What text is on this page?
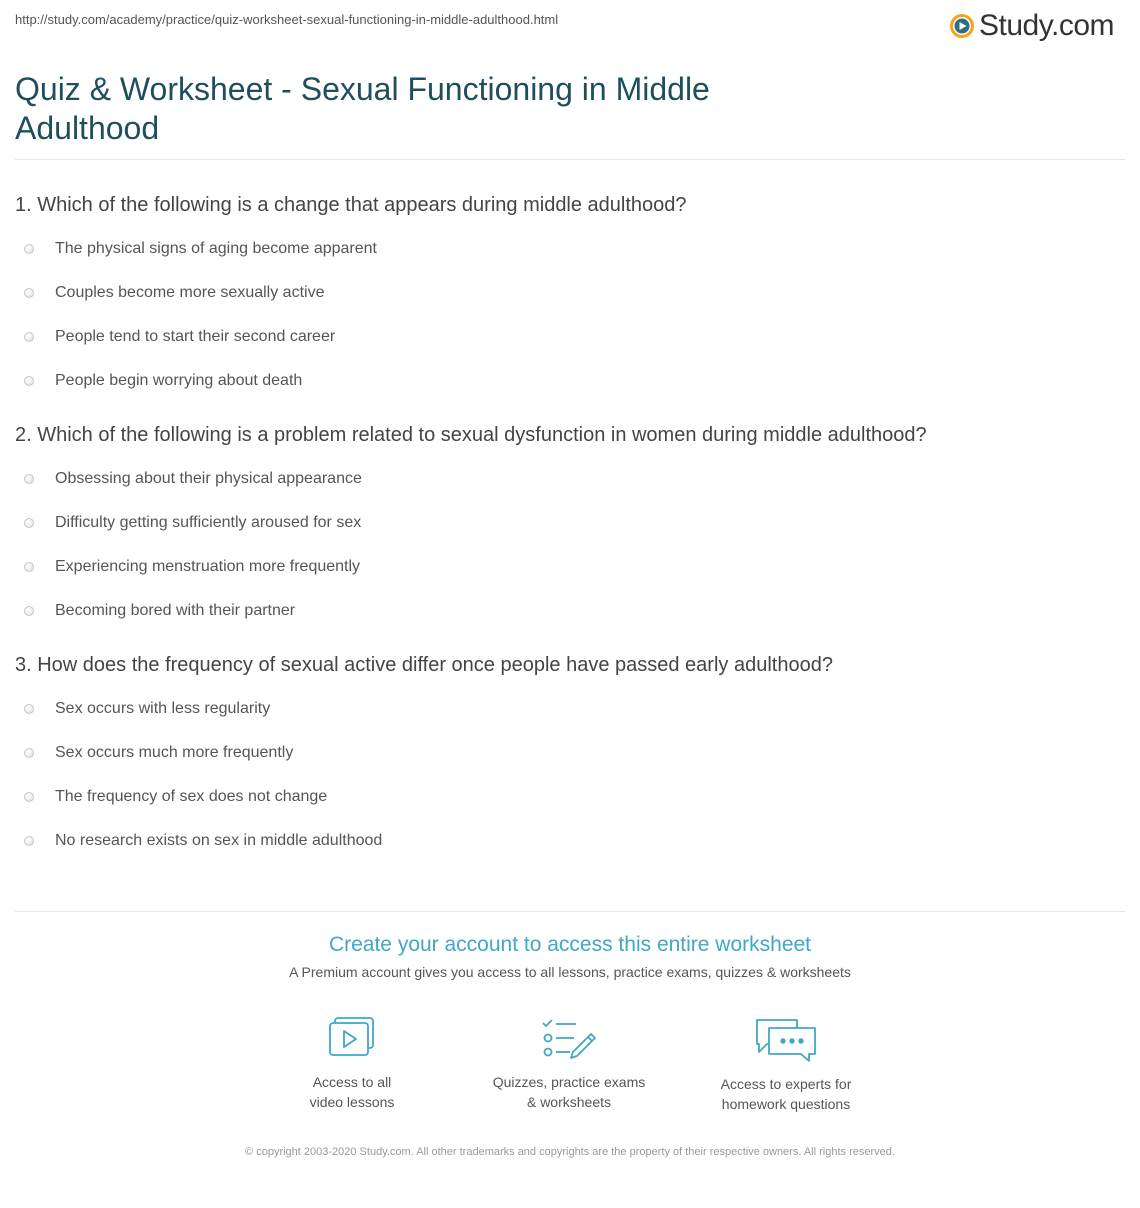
http://study.com/academy/practice/quiz-worksheet-sexual-functioning-in-middle-adulthood.html	Study.com
Quiz & Worksheet - Sexual Functioning in Middle Adulthood
1. Which of the following is a change that appears during middle adulthood?
The physical signs of aging become apparent
Couples become more sexually active
People tend to start their second career
People begin worrying about death
2. Which of the following is a problem related to sexual dysfunction in women during middle adulthood?
Obsessing about their physical appearance
Difficulty getting sufficiently aroused for sex
Experiencing menstruation more frequently
Becoming bored with their partner
3. How does the frequency of sexual active differ once people have passed early adulthood?
Sex occurs with less regularity
Sex occurs much more frequently
The frequency of sex does not change
No research exists on sex in middle adulthood
Create your account to access this entire worksheet
A Premium account gives you access to all lessons, practice exams, quizzes & worksheets
Access to all
video lessons
Quizzes, practice exams
& worksheets
Access to experts for
homework questions
© copyright 2003-2020 Study.com. All other trademarks and copyrights are the property of their respective owners. All rights reserved.
